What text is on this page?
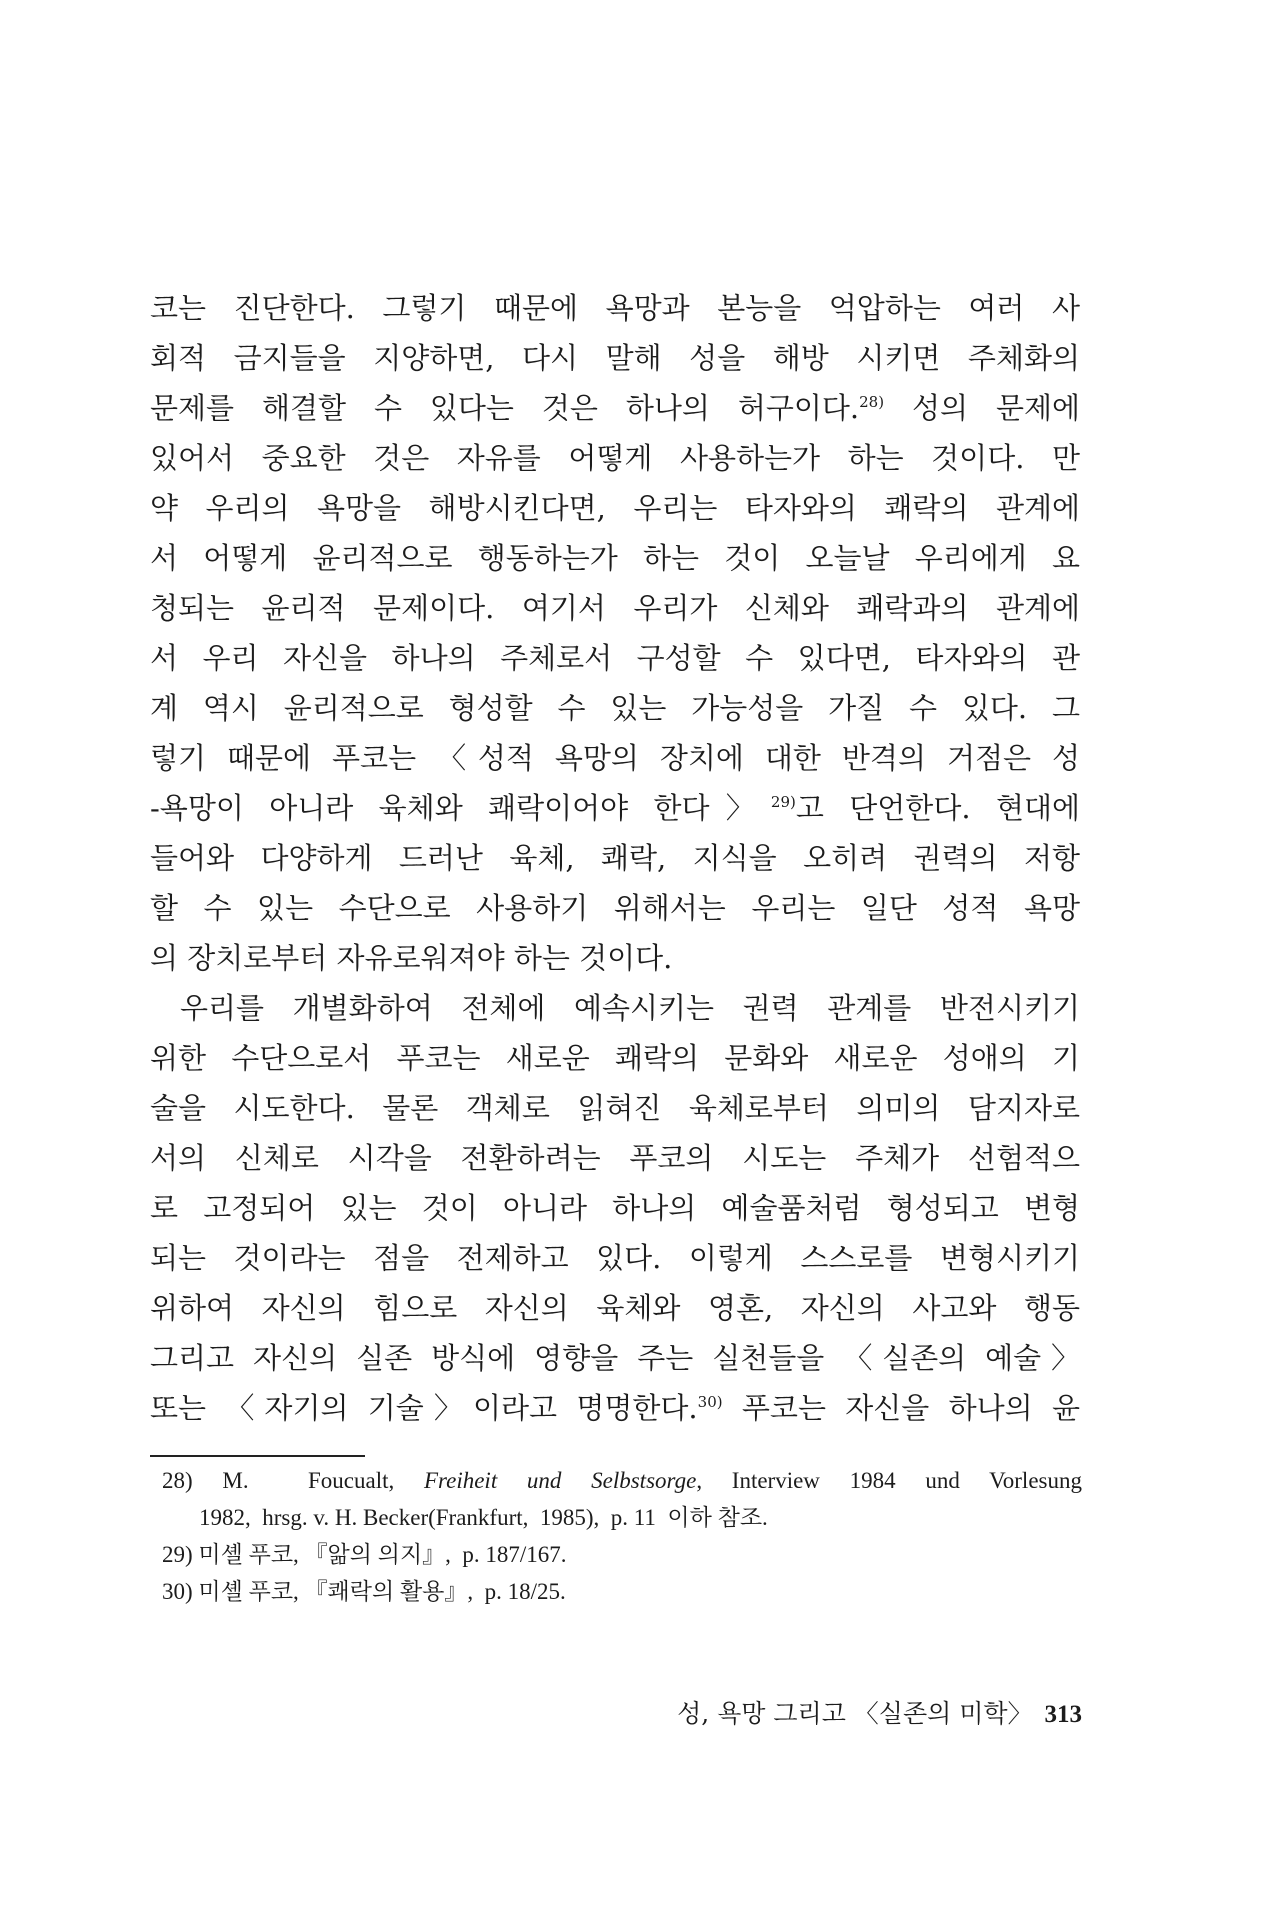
코는 진단한다. 그렇기 때문에 욕망과 본능을 억압하는 여러 사
회적 금지들을 지양하면, 다시 말해 성을 해방 시키면 주체화의
문제를 해결할 수 있다는 것은 하나의 허구이다.$^{28)}$ 성의 문제에
있어서 중요한 것은 자유를 어떻게 사용하는가 하는 것이다. 만
약 우리의 욕망을 해방시킨다면, 우리는 타자와의 쾌락의 관계에
서 어떻게 윤리적으로 행동하는가 하는 것이 오늘날 우리에게 요
청되는 윤리적 문제이다. 여기서 우리가 신체와 쾌락과의 관계에
서 우리 자신을 하나의 주체로서 구성할 수 있다면, 타자와의 관
계 역시 윤리적으로 형성할 수 있는 가능성을 가질 수 있다. 그
렇기 때문에 푸코는 〈성적 욕망의 장치에 대한 반격의 거점은 성
-욕망이 아니라 육체와 쾌락이어야 한다〉$^{29)}$고 단언한다. 현대에
들어와 다양하게 드러난 육체, 쾌락, 지식을 오히려 권력의 저항
할 수 있는 수단으로 사용하기 위해서는 우리는 일단 성적 욕망
의 장치로부터 자유로워져야 하는 것이다.
우리를 개별화하여 전체에 예속시키는 권력 관계를 반전시키기
위한 수단으로서 푸코는 새로운 쾌락의 문화와 새로운 성애의 기
술을 시도한다. 물론 객체로 읽혀진 육체로부터 의미의 담지자로
서의 신체로 시각을 전환하려는 푸코의 시도는 주체가 선험적으
로 고정되어 있는 것이 아니라 하나의 예술품처럼 형성되고 변형
되는 것이라는 점을 전제하고 있다. 이렇게 스스로를 변형시키기
위하여 자신의 힘으로 자신의 육체와 영혼, 자신의 사고와 행동
그리고 자신의 실존 방식에 영향을 주는 실천들을 〈실존의 예술〉
또는 〈자기의 기술〉이라고 명명한다.$^{30)}$ 푸코는 자신을 하나의 윤
28) M.  Foucualt, Freiheit und Selbstsorge, Interview 1984 und Vorlesung
1982,  hrsg. v. H. Becker(Frankfurt,  1985),  p. 11  이하 참조.
29) 미셸 푸코, 『앎의 의지』,  p. 187/167.
30) 미셸 푸코, 『쾌락의 활용』,  p. 18/25.

성, 욕망 그리고 〈실존의 미학〉 313
